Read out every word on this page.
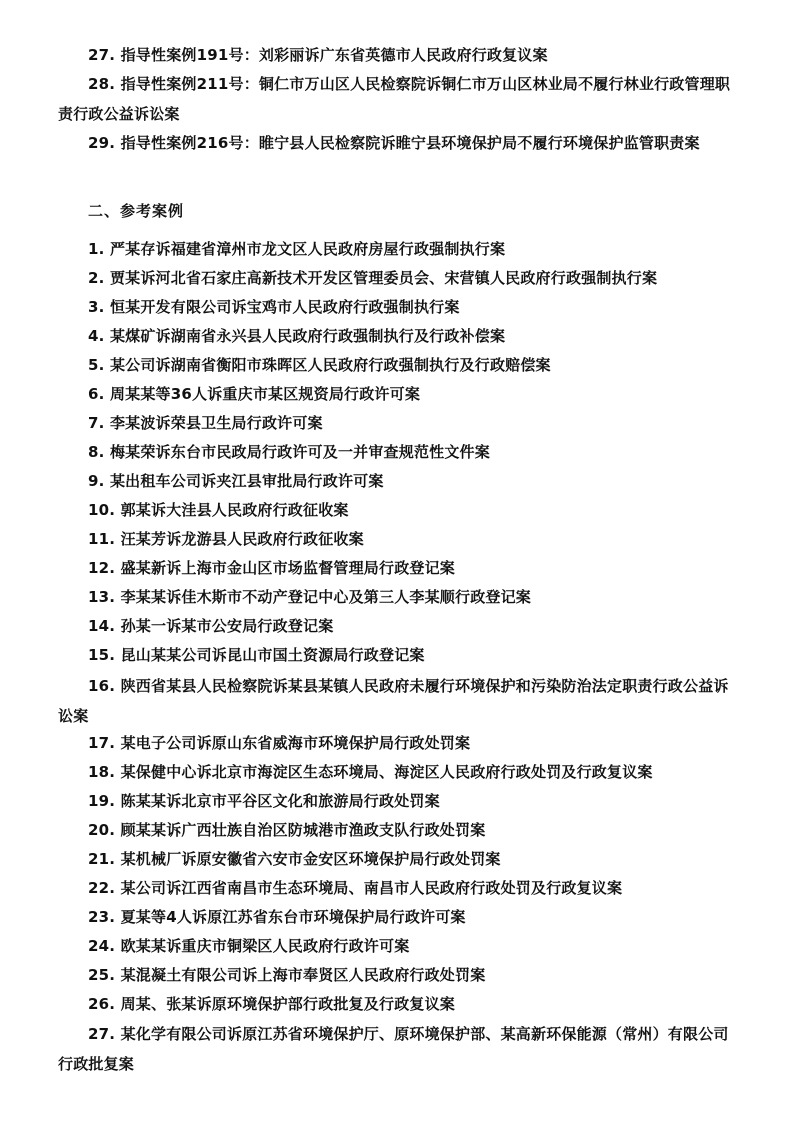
27. 指导性案例191号：刘彩丽诉广东省英德市人民政府行政复议案

28. 指导性案例211号：铜仁市万山区人民检察院诉铜仁市万山区林业局不履行林业行政管理职责行政公益诉讼案

29. 指导性案例216号：睢宁县人民检察院诉睢宁县环境保护局不履行环境保护监管职责案

二、参考案例

1. 严某存诉福建省漳州市龙文区人民政府房屋行政强制执行案

2. 贾某诉河北省石家庄高新技术开发区管理委员会、宋营镇人民政府行政强制执行案

3. 恒某开发有限公司诉宝鸡市人民政府行政强制执行案

4. 某煤矿诉湖南省永兴县人民政府行政强制执行及行政补偿案

5. 某公司诉湖南省衡阳市珠晖区人民政府行政强制执行及行政赔偿案

6. 周某某等36人诉重庆市某区规资局行政许可案

7. 李某波诉荣县卫生局行政许可案

8. 梅某荣诉东台市民政局行政许可及一并审查规范性文件案

9. 某出租车公司诉夹江县审批局行政许可案

10. 郭某诉大洼县人民政府行政征收案

11. 汪某芳诉龙游县人民政府行政征收案

12. 盛某新诉上海市金山区市场监督管理局行政登记案

13. 李某某诉佳木斯市不动产登记中心及第三人李某顺行政登记案

14. 孙某一诉某市公安局行政登记案

15. 昆山某某公司诉昆山市国土资源局行政登记案

16. 陕西省某县人民检察院诉某县某镇人民政府未履行环境保护和污染防治法定职责行政公益诉讼案

17. 某电子公司诉原山东省威海市环境保护局行政处罚案

18. 某保健中心诉北京市海淀区生态环境局、海淀区人民政府行政处罚及行政复议案

19. 陈某某诉北京市平谷区文化和旅游局行政处罚案

20. 顾某某诉广西壮族自治区防城港市渔政支队行政处罚案

21. 某机械厂诉原安徽省六安市金安区环境保护局行政处罚案

22. 某公司诉江西省南昌市生态环境局、南昌市人民政府行政处罚及行政复议案

23. 夏某等4人诉原江苏省东台市环境保护局行政许可案

24. 欧某某诉重庆市铜梁区人民政府行政许可案

25. 某混凝土有限公司诉上海市奉贤区人民政府行政处罚案

26. 周某、张某诉原环境保护部行政批复及行政复议案

27. 某化学有限公司诉原江苏省环境保护厅、原环境保护部、某高新环保能源（常州）有限公司行政批复案
